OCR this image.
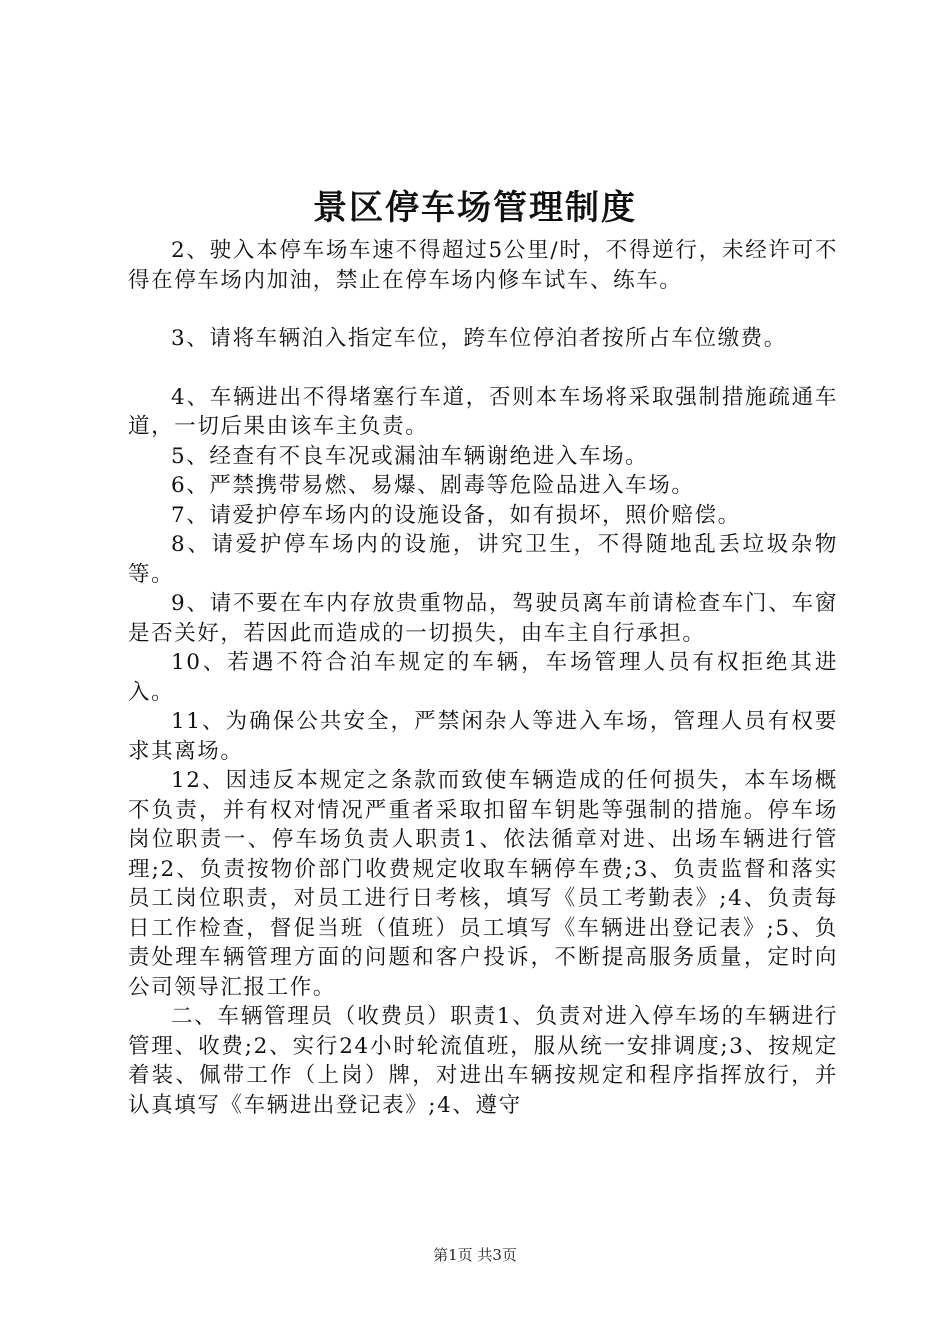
景区停车场管理制度

2、驶入本停车场车速不得超过5公里/时，不得逆行，未经许可不得在停车场内加油，禁止在停车场内修车试车、练车。

3、请将车辆泊入指定车位，跨车位停泊者按所占车位缴费。

4、车辆进出不得堵塞行车道，否则本车场将采取强制措施疏通车道，一切后果由该车主负责。

5、经查有不良车况或漏油车辆谢绝进入车场。

6、严禁携带易燃、易爆、剧毒等危险品进入车场。

7、请爱护停车场内的设施设备，如有损坏，照价赔偿。

8、请爱护停车场内的设施，讲究卫生，不得随地乱丢垃圾杂物等。

9、请不要在车内存放贵重物品，驾驶员离车前请检查车门、车窗是否关好，若因此而造成的一切损失，由车主自行承担。

10、若遇不符合泊车规定的车辆，车场管理人员有权拒绝其进入。

11、为确保公共安全，严禁闲杂人等进入车场，管理人员有权要求其离场。

12、因违反本规定之条款而致使车辆造成的任何损失，本车场概不负责，并有权对情况严重者采取扣留车钥匙等强制的措施。停车场岗位职责一、停车场负责人职责1、依法循章对进、出场车辆进行管理;2、负责按物价部门收费规定收取车辆停车费;3、负责监督和落实员工岗位职责，对员工进行日考核，填写《员工考勤表》;4、负责每日工作检查，督促当班（值班）员工填写《车辆进出登记表》;5、负责处理车辆管理方面的问题和客户投诉，不断提高服务质量，定时向公司领导汇报工作。

二、车辆管理员（收费员）职责1、负责对进入停车场的车辆进行管理、收费;2、实行24小时轮流值班，服从统一安排调度;3、按规定着装、佩带工作（上岗）牌，对进出车辆按规定和程序指挥放行，并认真填写《车辆进出登记表》;4、遵守

第1页 共3页
